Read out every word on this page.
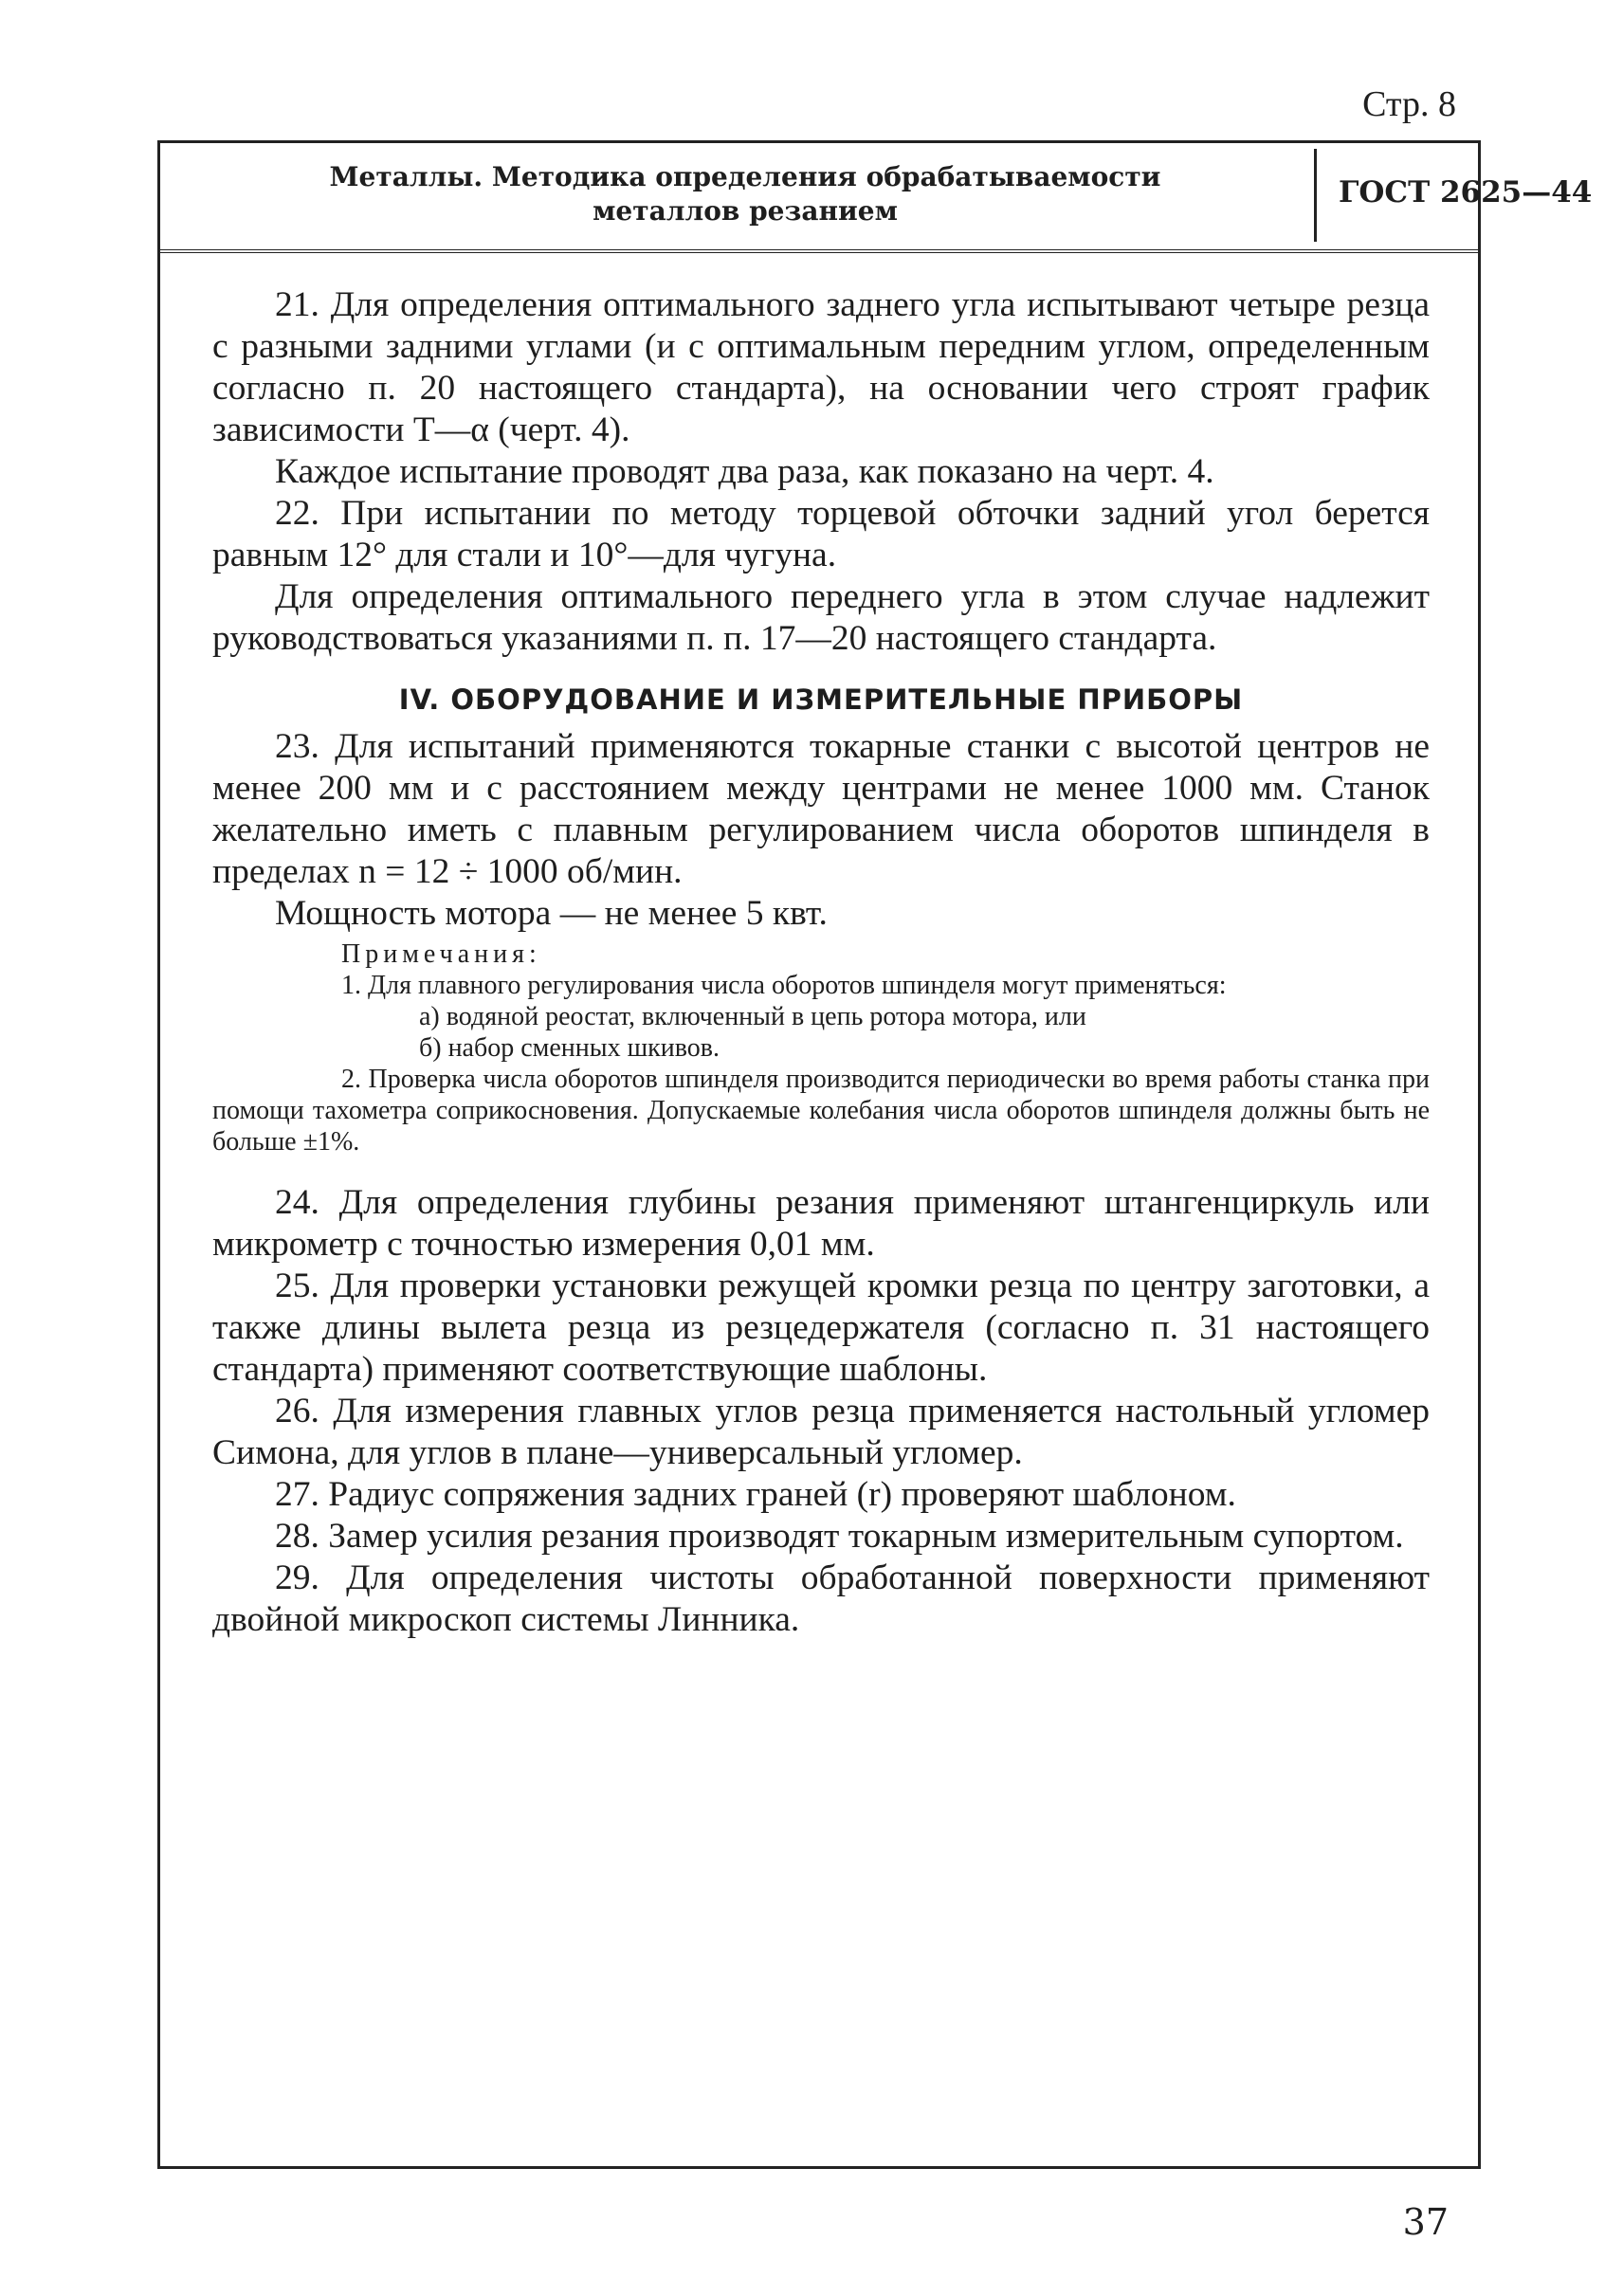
Стр. 8
Металлы. Методика определения обрабатываемости
металлов резанием
ГОСТ 2625—44

21. Для определения оптимального заднего угла испытывают четыре резца с разными задними углами (и с оптимальным передним углом, определенным согласно п. 20 настоящего стандарта), на основании чего строят график зависимости Т—α (черт. 4).

Каждое испытание проводят два раза, как показано на черт. 4.

22. При испытании по методу торцевой обточки задний угол берется равным 12° для стали и 10°—для чугуна.

Для определения оптимального переднего угла в этом случае надлежит руководствоваться указаниями п. п. 17—20 настоящего стандарта.

IV. ОБОРУДОВАНИЕ И ИЗМЕРИТЕЛЬНЫЕ ПРИБОРЫ

23. Для испытаний применяются токарные станки с высотой центров не менее 200 мм и с расстоянием между центрами не менее 1000 мм. Станок желательно иметь с плавным регулированием числа оборотов шпинделя в пределах n = 12 ÷ 1000 об/мин.

Мощность мотора — не менее 5 квт.

Примечания:

1. Для плавного регулирования числа оборотов шпинделя могут применяться:

а) водяной реостат, включенный в цепь ротора мотора, или
б) набор сменных шкивов.

2. Проверка числа оборотов шпинделя производится периодически во время работы станка при помощи тахометра соприкосновения. Допускаемые колебания числа оборотов шпинделя должны быть не больше ±1%.

24. Для определения глубины резания применяют штангенциркуль или микрометр с точностью измерения 0,01 мм.

25. Для проверки установки режущей кромки резца по центру заготовки, а также длины вылета резца из резцедержателя (согласно п. 31 настоящего стандарта) применяют соответствующие шаблоны.

26. Для измерения главных углов резца применяется настольный угломер Симона, для углов в плане—универсальный угломер.

27. Радиус сопряжения задних граней (r) проверяют шаблоном.

28. Замер усилия резания производят токарным измерительным супортом.

29. Для определения чистоты обработанной поверхности применяют двойной микроскоп системы Линника.

37
